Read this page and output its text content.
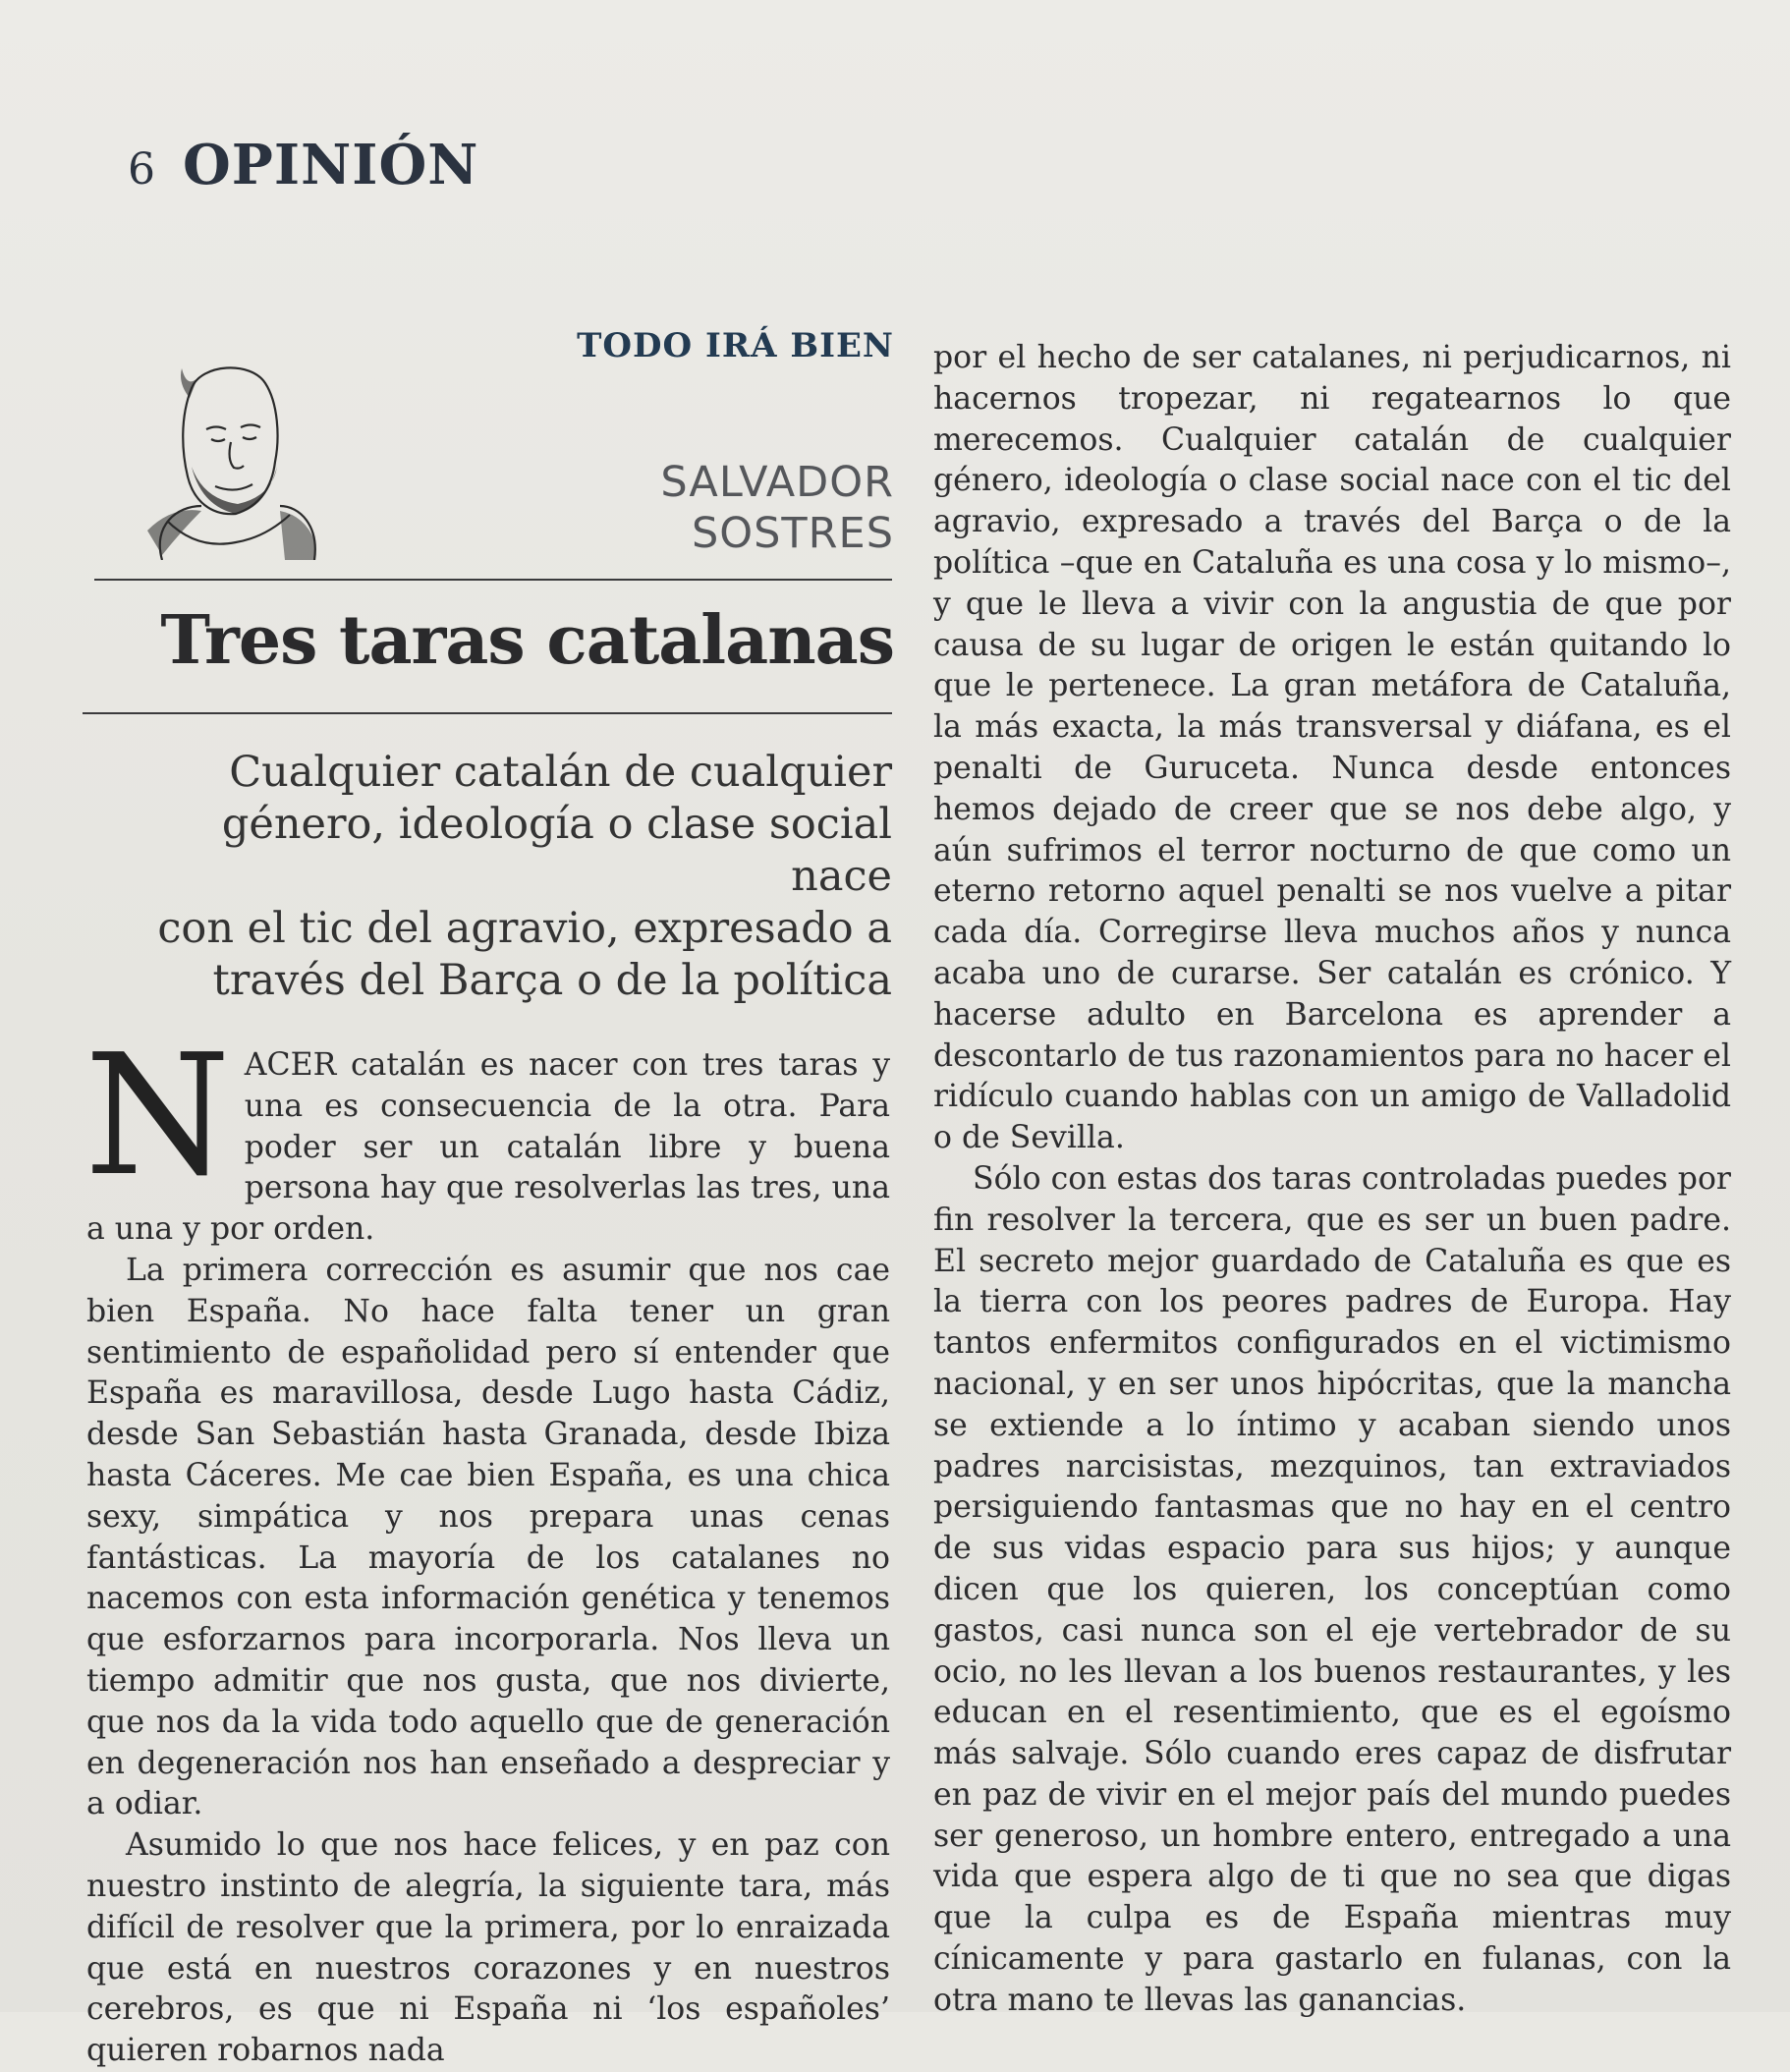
6 OPINIÓN
TODO IRÁ BIEN
SALVADOR
SOSTRES
Tres taras catalanas
Cualquier catalán de cualquier
género, ideología o clase social nace
con el tic del agravio, expresado a
través del Barça o de la política

NACER catalán es nacer con tres taras y una es consecuencia de la otra. Para poder ser un catalán libre y buena persona hay que resolverlas las tres, una a una y por orden.

La primera corrección es asumir que nos cae bien España. No hace falta tener un gran sentimiento de españolidad pero sí entender que España es maravillosa, desde Lugo hasta Cádiz, desde San Sebastián hasta Granada, desde Ibiza hasta Cáceres. Me cae bien España, es una chica sexy, simpática y nos prepara unas cenas fantásticas. La mayoría de los catalanes no nacemos con esta información genética y tenemos que esforzarnos para incorporarla. Nos lleva un tiempo admitir que nos gusta, que nos divierte, que nos da la vida todo aquello que de generación en degeneración nos han enseñado a despreciar y a odiar.

Asumido lo que nos hace felices, y en paz con nuestro instinto de alegría, la siguiente tara, más difícil de resolver que la primera, por lo enraizada que está en nuestros corazones y en nuestros cerebros, es que ni España ni ‘los españoles’ quieren robarnos nada

por el hecho de ser catalanes, ni perjudicarnos, ni hacernos tropezar, ni regatearnos lo que merecemos. Cualquier catalán de cualquier género, ideología o clase social nace con el tic del agravio, expresado a través del Barça o de la política –que en Cataluña es una cosa y lo mismo–, y que le lleva a vivir con la angustia de que por causa de su lugar de origen le están quitando lo que le pertenece. La gran metáfora de Cataluña, la más exacta, la más transversal y diáfana, es el penalti de Guruceta. Nunca desde entonces hemos dejado de creer que se nos debe algo, y aún sufrimos el terror nocturno de que como un eterno retorno aquel penalti se nos vuelve a pitar cada día. Corregirse lleva muchos años y nunca acaba uno de curarse. Ser catalán es crónico. Y hacerse adulto en Barcelona es aprender a descontarlo de tus razonamientos para no hacer el ridículo cuando hablas con un amigo de Valladolid o de Sevilla.

Sólo con estas dos taras controladas puedes por fin resolver la tercera, que es ser un buen padre. El secreto mejor guardado de Cataluña es que es la tierra con los peores padres de Europa. Hay tantos enfermitos configurados en el victimismo nacional, y en ser unos hipócritas, que la mancha se extiende a lo íntimo y acaban siendo unos padres narcisistas, mezquinos, tan extraviados persiguiendo fantasmas que no hay en el centro de sus vidas espacio para sus hijos; y aunque dicen que los quieren, los conceptúan como gastos, casi nunca son el eje vertebrador de su ocio, no les llevan a los buenos restaurantes, y les educan en el resentimiento, que es el egoísmo más salvaje. Sólo cuando eres capaz de disfrutar en paz de vivir en el mejor país del mundo puedes ser generoso, un hombre entero, entregado a una vida que espera algo de ti que no sea que digas que la culpa es de España mientras muy cínicamente y para gastarlo en fulanas, con la otra mano te llevas las ganancias.
